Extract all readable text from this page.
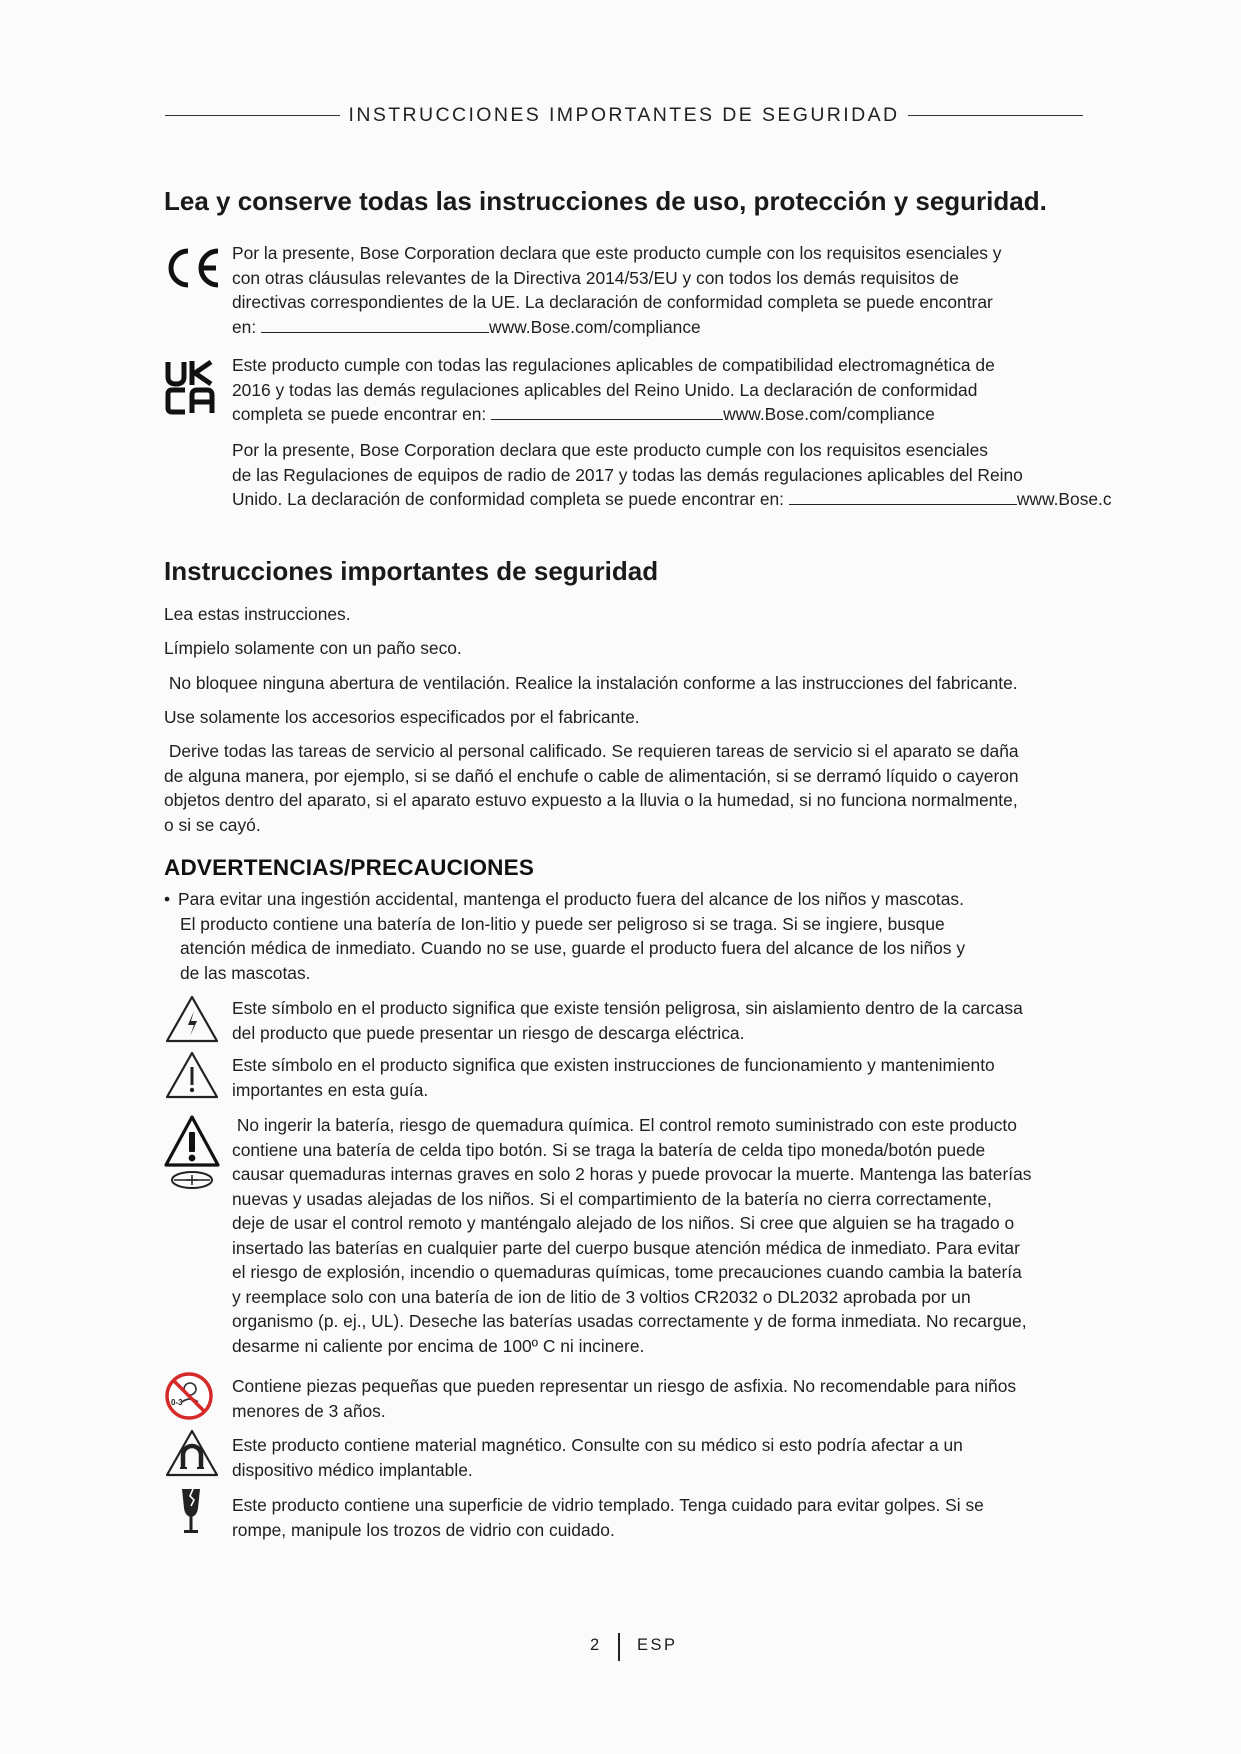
INSTRUCCIONES IMPORTANTES DE SEGURIDAD
Lea y conserve todas las instrucciones de uso, protección y seguridad.
Por la presente, Bose Corporation declara que este producto cumple con los requisitos esenciales y
con otras cláusulas relevantes de la Directiva 2014/53/EU y con todos los demás requisitos de
directivas correspondientes de la UE. La declaración de conformidad completa se puede encontrar
en:	www.Bose.com/compliance
Este producto cumple con todas las regulaciones aplicables de compatibilidad electromagnética de
2016 y todas las demás regulaciones aplicables del Reino Unido. La declaración de conformidad
completa se puede encontrar en:	www.Bose.com/compliance
Por la presente, Bose Corporation declara que este producto cumple con los requisitos esenciales
de las Regulaciones de equipos de radio de 2017 y todas las demás regulaciones aplicables del Reino
Unido. La declaración de conformidad completa se puede encontrar en:	www.Bose.c
Instrucciones importantes de seguridad
Lea estas instrucciones.
Límpielo solamente con un paño seco.
No bloquee ninguna abertura de ventilación. Realice la instalación conforme a las instrucciones del fabricante.
Use solamente los accesorios especificados por el fabricante.
Derive todas las tareas de servicio al personal calificado. Se requieren tareas de servicio si el aparato se daña
de alguna manera, por ejemplo, si se dañó el enchufe o cable de alimentación, si se derramó líquido o cayeron
objetos dentro del aparato, si el aparato estuvo expuesto a la lluvia o la humedad, si no funciona normalmente,
o si se cayó.
ADVERTENCIAS/PRECAUCIONES
• Para evitar una ingestión accidental, mantenga el producto fuera del alcance de los niños y mascotas.
El producto contiene una batería de Ion-litio y puede ser peligroso si se traga. Si se ingiere, busque
atención médica de inmediato. Cuando no se use, guarde el producto fuera del alcance de los niños y
de las mascotas.
Este símbolo en el producto significa que existe tensión peligrosa, sin aislamiento dentro de la carcasa
del producto que puede presentar un riesgo de descarga eléctrica.
Este símbolo en el producto significa que existen instrucciones de funcionamiento y mantenimiento
importantes en esta guía.
No ingerir la batería, riesgo de quemadura química. El control remoto suministrado con este producto
contiene una batería de celda tipo botón. Si se traga la batería de celda tipo moneda/botón puede
causar quemaduras internas graves en solo 2 horas y puede provocar la muerte. Mantenga las baterías
nuevas y usadas alejadas de los niños. Si el compartimiento de la batería no cierra correctamente,
deje de usar el control remoto y manténgalo alejado de los niños. Si cree que alguien se ha tragado o
insertado las baterías en cualquier parte del cuerpo busque atención médica de inmediato. Para evitar
el riesgo de explosión, incendio o quemaduras químicas, tome precauciones cuando cambia la batería
y reemplace solo con una batería de ion de litio de 3 voltios CR2032 o DL2032 aprobada por un
organismo (p. ej., UL). Deseche las baterías usadas correctamente y de forma inmediata. No recargue,
desarme ni caliente por encima de 100º C ni incinere.
0-3
Contiene piezas pequeñas que pueden representar un riesgo de asfixia. No recomendable para niños
menores de 3 años.
Este producto contiene material magnético. Consulte con su médico si esto podría afectar a un
dispositivo médico implantable.
Este producto contiene una superficie de vidrio templado. Tenga cuidado para evitar golpes. Si se
rompe, manipule los trozos de vidrio con cuidado.
2 ESP
